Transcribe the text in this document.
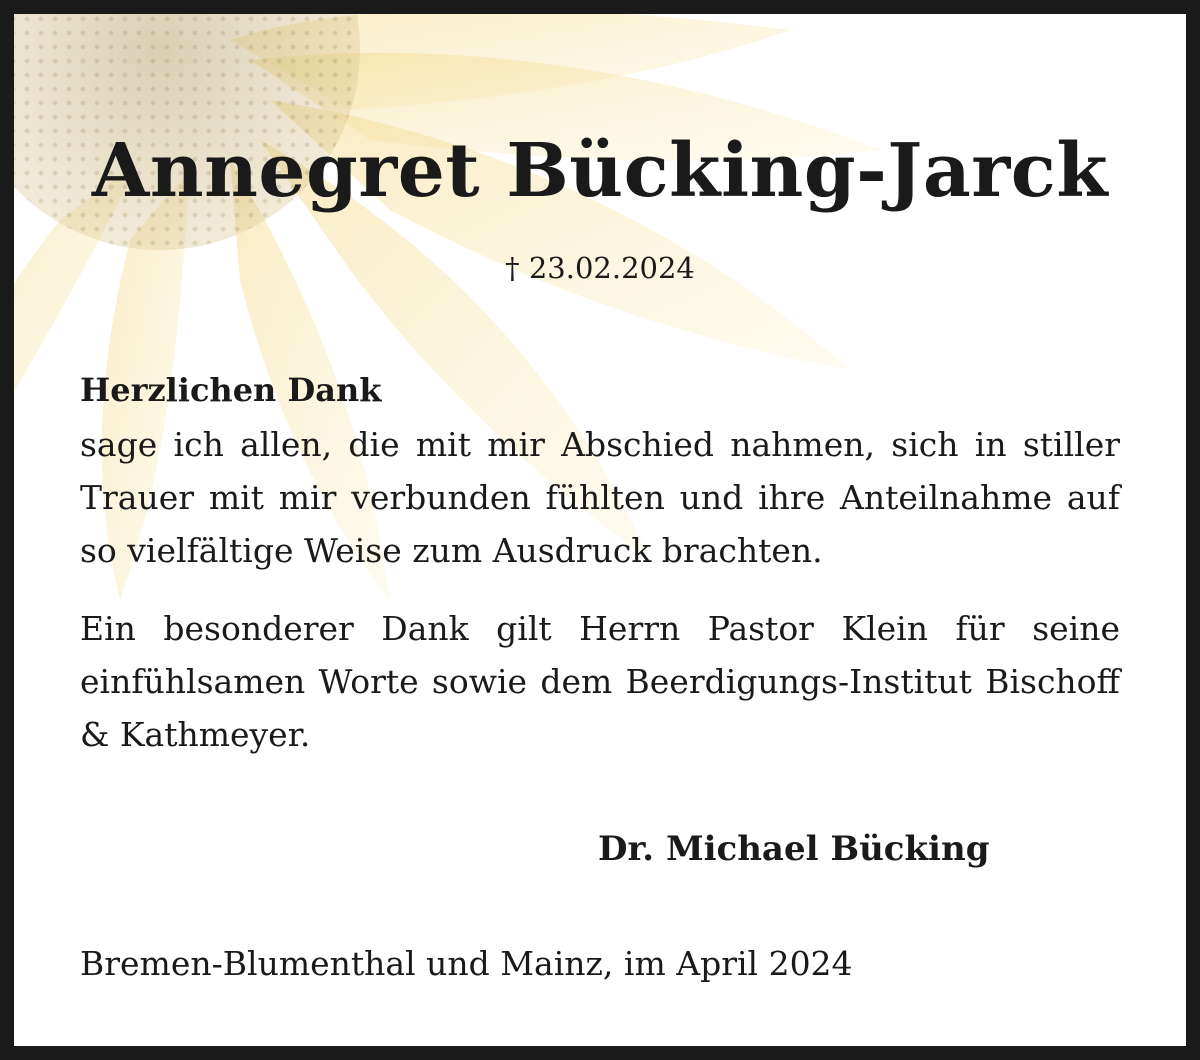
Annegret Bücking-Jarck
† 23.02.2024
Herzlichen Dank
sage ich allen, die mit mir Abschied nahmen, sich in stiller Trauer mit mir verbunden fühlten und ihre Anteilnahme auf so vielfältige Weise zum Ausdruck brachten.
Ein besonderer Dank gilt Herrn Pastor Klein für seine einfühlsamen Worte sowie dem Beerdigungs-Institut Bischoff & Kathmeyer.
Dr. Michael Bücking
Bremen-Blumenthal und Mainz, im April 2024
